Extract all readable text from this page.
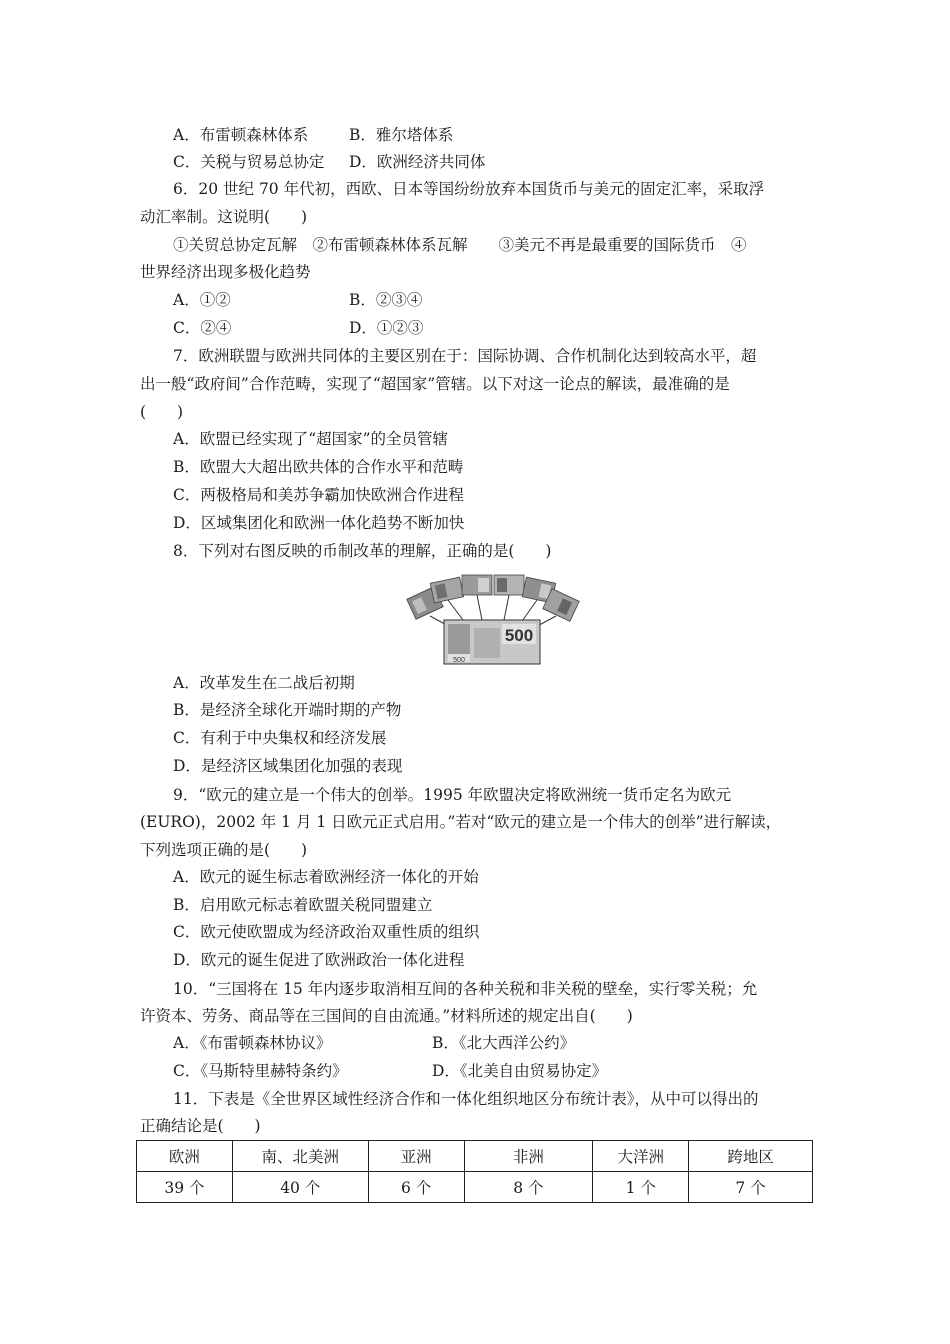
A．布雷顿森林体系	B．雅尔塔体系
C．关税与贸易总协定 D．欧洲经济共同体
6．20 世纪 70 年代初，西欧、日本等国纷纷放弃本国货币与美元的固定汇率，采取浮
动汇率制。这说明(　　)
①关贸总协定瓦解　②布雷顿森林体系瓦解　　③美元不再是最重要的国际货币　④
世界经济出现多极化趋势
A．①②	B．②③④
C．②④	D．①②③
7．欧洲联盟与欧洲共同体的主要区别在于：国际协调、合作机制化达到较高水平，超
出一般“政府间”合作范畴，实现了“超国家”管辖。以下对这一论点的解读，最准确的是
(　　)
A．欧盟已经实现了“超国家”的全员管辖
B．欧盟大大超出欧共体的合作水平和范畴
C．两极格局和美苏争霸加快欧洲合作进程
D．区域集团化和欧洲一体化趋势不断加快
8．下列对右图反映的币制改革的理解，正确的是(　　)
500
500
A．改革发生在二战后初期
B．是经济全球化开端时期的产物
C．有利于中央集权和经济发展
D．是经济区域集团化加强的表现
9．“欧元的建立是一个伟大的创举。1995 年欧盟决定将欧洲统一货币定名为欧元
(EURO)，2002 年 1 月 1 日欧元正式启用。”若对“欧元的建立是一个伟大的创举”进行解读，
下列选项正确的是(　　)
A．欧元的诞生标志着欧洲经济一体化的开始
B．启用欧元标志着欧盟关税同盟建立
C．欧元使欧盟成为经济政治双重性质的组织
D．欧元的诞生促进了欧洲政治一体化进程
10．“三国将在 15 年内逐步取消相互间的各种关税和非关税的壁垒，实行零关税；允
许资本、劳务、商品等在三国间的自由流通。”材料所述的规定出自(　　)
A．《布雷顿森林协议》	B．《北大西洋公约》
C．《马斯特里赫特条约》	D．《北美自由贸易协定》
11．下表是《全世界区域性经济合作和一体化组织地区分布统计表》，从中可以得出的
正确结论是(　　)
欧洲	南、北美洲	亚洲	非洲	大洋洲	跨地区
39 个	40 个	6 个	8 个	1 个	7 个
